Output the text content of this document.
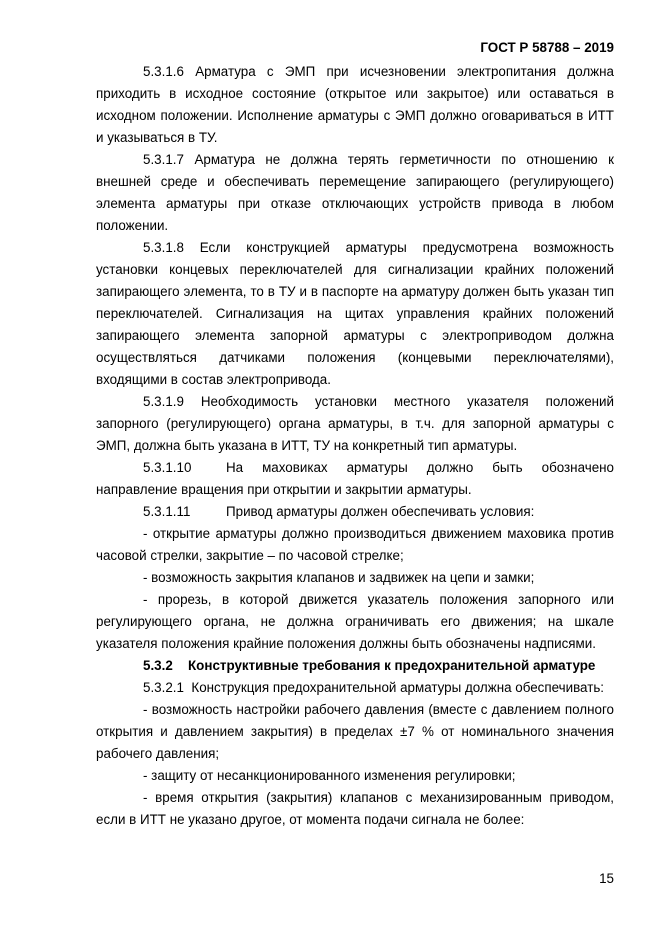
ГОСТ Р 58788 – 2019

5.3.1.6 Арматура с ЭМП при исчезновении электропитания должна приходить в исходное состояние (открытое или закрытое) или оставаться в исходном положении. Исполнение арматуры с ЭМП должно оговариваться в ИТТ и указываться в ТУ.

5.3.1.7 Арматура не должна терять герметичности по отношению к внешней среде и обеспечивать перемещение запирающего (регулирующего) элемента арматуры при отказе отключающих устройств привода в любом положении.

5.3.1.8 Если конструкцией арматуры предусмотрена возможность установки концевых переключателей для сигнализации крайних положений запирающего элемента, то в ТУ и в паспорте на арматуру должен быть указан тип переключателей. Сигнализация на щитах управления крайних положений запирающего элемента запорной арматуры с электроприводом должна осуществляться датчиками положения (концевыми переключателями), входящими в состав электропривода.

5.3.1.9 Необходимость установки местного указателя положений запорного (регулирующего) органа арматуры, в т.ч. для запорной арматуры с ЭМП, должна быть указана в ИТТ, ТУ на конкретный тип арматуры.

5.3.1.10	На маховиках арматуры должно быть обозначено направление вращения при открытии и закрытии арматуры.

5.3.1.11	Привод арматуры должен обеспечивать условия:

- открытие арматуры должно производиться движением маховика против часовой стрелки, закрытие – по часовой стрелке;

- возможность закрытия клапанов и задвижек на цепи и замки;

- прорезь, в которой движется указатель положения запорного или регулирующего органа, не должна ограничивать его движения; на шкале указателя положения крайние положения должны быть обозначены надписями.

5.3.2 Конструктивные требования к предохранительной арматуре

5.3.2.1 Конструкция предохранительной арматуры должна обеспечивать:

- возможность настройки рабочего давления (вместе с давлением полного открытия и давлением закрытия) в пределах ±7 % от номинального значения рабочего давления;

- защиту от несанкционированного изменения регулировки;

- время открытия (закрытия) клапанов с механизированным приводом, если в ИТТ не указано другое, от момента подачи сигнала не более:

15
